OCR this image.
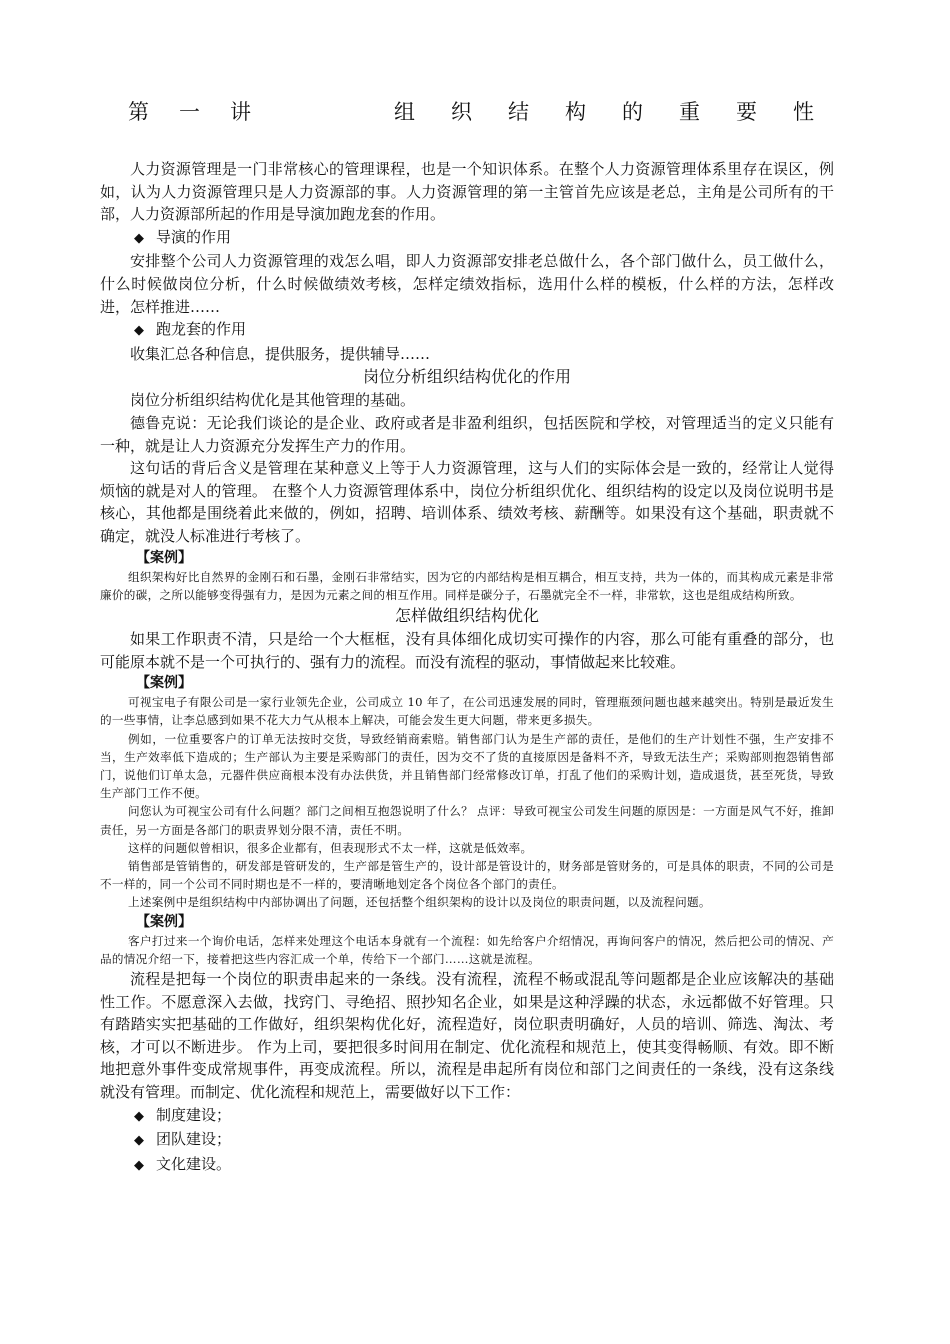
第一讲	组织结构的重要性

人力资源管理是一门非常核心的管理课程，也是一个知识体系。在整个人力资源管理体系里存在误区，例如，认为人力资源管理只是人力资源部的事。人力资源管理的第一主管首先应该是老总，主角是公司所有的干部，人力资源部所起的作用是导演加跑龙套的作用。

◆ 导演的作用

安排整个公司人力资源管理的戏怎么唱，即人力资源部安排老总做什么，各个部门做什么，员工做什么，什么时候做岗位分析，什么时候做绩效考核，怎样定绩效指标，选用什么样的模板，什么样的方法，怎样改进，怎样推进……

◆ 跑龙套的作用

收集汇总各种信息，提供服务，提供辅导……

岗位分析组织结构优化的作用

岗位分析组织结构优化是其他管理的基础。

德鲁克说：无论我们谈论的是企业、政府或者是非盈利组织，包括医院和学校，对管理适当的定义只能有一种，就是让人力资源充分发挥生产力的作用。

这句话的背后含义是管理在某种意义上等于人力资源管理，这与人们的实际体会是一致的，经常让人觉得烦恼的就是对人的管理。 在整个人力资源管理体系中，岗位分析组织优化、组织结构的设定以及岗位说明书是核心，其他都是围绕着此来做的，例如，招聘、培训体系、绩效考核、薪酬等。如果没有这个基础，职责就不确定，就没人标准进行考核了。

【案例】

组织架构好比自然界的金刚石和石墨，金刚石非常结实，因为它的内部结构是相互耦合，相互支持，共为一体的，而其构成元素是非常廉价的碳，之所以能够变得强有力，是因为元素之间的相互作用。同样是碳分子，石墨就完全不一样，非常软，这也是组成结构所致。

怎样做组织结构优化

如果工作职责不清，只是给一个大框框，没有具体细化成切实可操作的内容，那么可能有重叠的部分，也可能原本就不是一个可执行的、强有力的流程。而没有流程的驱动，事情做起来比较难。

【案例】

可视宝电子有限公司是一家行业领先企业，公司成立 10 年了，在公司迅速发展的同时，管理瓶颈问题也越来越突出。特别是最近发生的一些事情，让李总感到如果不花大力气从根本上解决，可能会发生更大问题，带来更多损失。

例如，一位重要客户的订单无法按时交货，导致经销商索赔。销售部门认为是生产部的责任，是他们的生产计划性不强，生产安排不当，生产效率低下造成的；生产部认为主要是采购部门的责任，因为交不了货的直接原因是备料不齐，导致无法生产；采购部则抱怨销售部门，说他们订单太急，元器件供应商根本没有办法供货，并且销售部门经常修改订单，打乱了他们的采购计划，造成退货，甚至死货，导致生产部门工作不便。

问您认为可视宝公司有什么问题？部门之间相互抱怨说明了什么？ 点评：导致可视宝公司发生问题的原因是：一方面是风气不好，推卸责任，另一方面是各部门的职责界划分限不清，责任不明。

这样的问题似曾相识，很多企业都有，但表现形式不太一样，这就是低效率。

销售部是管销售的，研发部是管研发的，生产部是管生产的，设计部是管设计的，财务部是管财务的，可是具体的职责，不同的公司是不一样的，同一个公司不同时期也是不一样的，要清晰地划定各个岗位各个部门的责任。

上述案例中是组织结构中内部协调出了问题，还包括整个组织架构的设计以及岗位的职责问题，以及流程问题。

【案例】

客户打过来一个询价电话，怎样来处理这个电话本身就有一个流程：如先给客户介绍情况，再询问客户的情况，然后把公司的情况、产品的情况介绍一下，接着把这些内容汇成一个单，传给下一个部门……这就是流程。

流程是把每一个岗位的职责串起来的一条线。没有流程，流程不畅或混乱等问题都是企业应该解决的基础性工作。不愿意深入去做，找窍门、寻绝招、照抄知名企业，如果是这种浮躁的状态，永远都做不好管理。只有踏踏实实把基础的工作做好，组织架构优化好，流程造好，岗位职责明确好，人员的培训、筛选、淘汰、考核，才可以不断进步。 作为上司，要把很多时间用在制定、优化流程和规范上，使其变得畅顺、有效。即不断地把意外事件变成常规事件，再变成流程。所以，流程是串起所有岗位和部门之间责任的一条线，没有这条线就没有管理。而制定、优化流程和规范上，需要做好以下工作：

◆ 制度建设；

◆ 团队建设；

◆ 文化建设。
